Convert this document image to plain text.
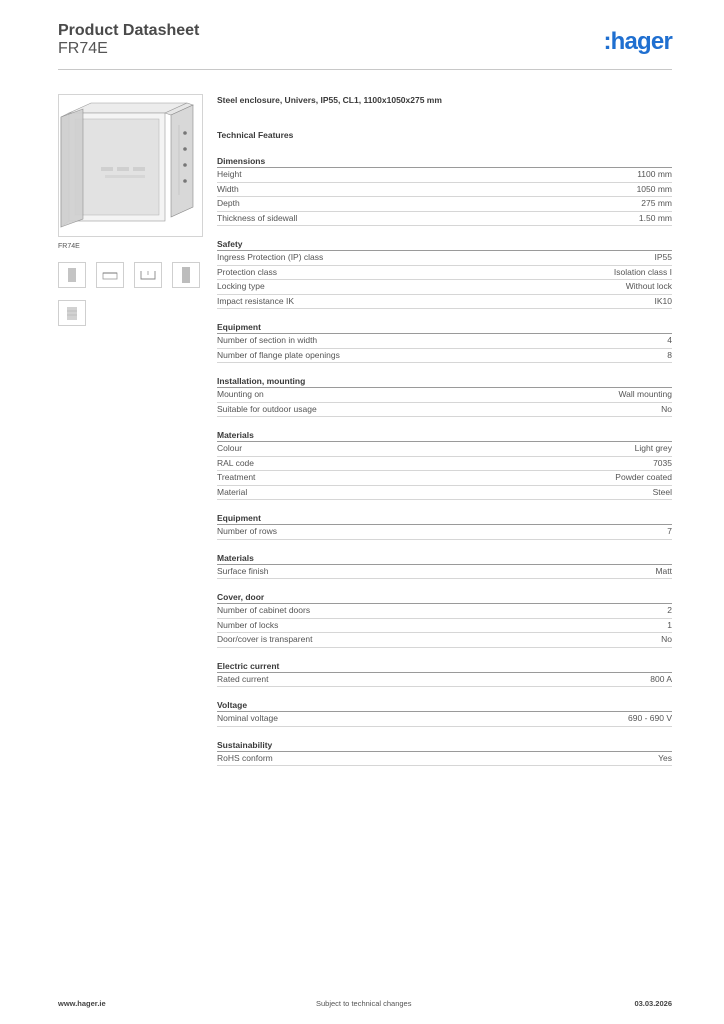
Product Datasheet
FR74E	:hager
FR74E
Steel enclosure, Univers, IP55, CL1, 1100x1050x275 mm
Technical Features
Dimensions
Height	1100 mm
Width	1050 mm
Depth	275 mm
Thickness of sidewall	1.50 mm
Safety
Ingress Protection (IP) class	IP55
Protection class	Isolation class I
Locking type	Without lock
Impact resistance IK	IK10
Equipment
Number of section in width	4
Number of flange plate openings	8
Installation, mounting
Mounting on	Wall mounting
Suitable for outdoor usage	No
Materials
Colour	Light grey
RAL code	7035
Treatment	Powder coated
Material	Steel
Equipment
Number of rows	7
Materials
Surface finish	Matt
Cover, door
Number of cabinet doors	2
Number of locks	1
Door/cover is transparent	No
Electric current
Rated current	800 A
Voltage
Nominal voltage	690 - 690 V
Sustainability
RoHS conform	Yes
www.hager.ie	Subject to technical changes	03.03.2026
